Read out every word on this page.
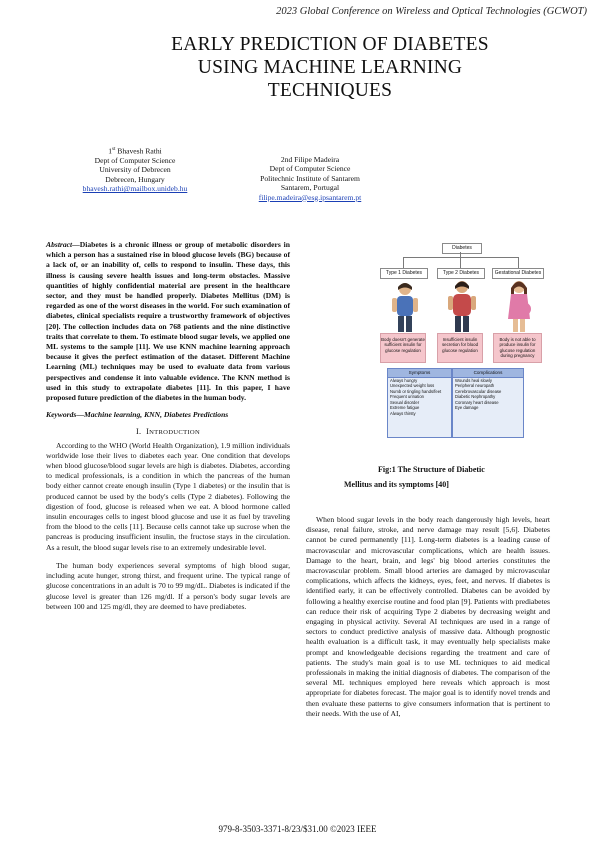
2023 Global Conference on Wireless and Optical Technologies (GCWOT)
EARLY PREDICTION OF DIABETES
USING MACHINE LEARNING
TECHNIQUES
1st Bhavesh Rathi
Dept of Computer Science
University of Debrecen
Debrecen, Hungary
bhavesh.rathi@mailbox.unideb.hu
2nd Filipe Madeira
Dept of Computer Science
Politechnic Institute of Santarem
Santarem, Portugal
filipe.madeira@esg.ipsantarem.pt

Abstract—Diabetes is a chronic illness or group of metabolic disorders in which a person has a sustained rise in blood glucose levels (BG) because of a lack of, or an inability of, cells to respond to insulin. These days, this illness is causing severe health issues and long-term obstacles. Massive quantities of highly confidential material are present in the healthcare sector, and they must be handled properly. Diabetes Mellitus (DM) is regarded as one of the worst diseases in the world. For such examination of diabetes, clinical specialists require a trustworthy framework of objectives [20]. The collection includes data on 768 patients and the nine distinctive traits that correlate to them. To estimate blood sugar levels, we applied one ML systems to the sample [11]. We use KNN machine learning approach because it gives the perfect estimation of the dataset. Different Machine Learning (ML) techniques may be used to evaluate data from various perspectives and condense it into valuable evidence. The KNN method is used in this study to extrapolate diabetes [11]. In this paper, I have proposed future prediction of the diabetes in the human body.

Keywords—Machine learning, KNN, Diabetes Predictions
I. INTRODUCTION

According to the WHO (World Health Organization), 1.9 million individuals worldwide lose their lives to diabetes each year. One condition that develops when blood glucose/blood sugar levels are high is diabetes. Diabetes, according to medical professionals, is a condition in which the pancreas of the human body either cannot create enough insulin (Type 1 diabetes) or the insulin that is produced cannot be used by the body's cells (Type 2 diabetes). Following the digestion of food, glucose is released when we eat. A blood hormone called insulin encourages cells to ingest blood glucose and use it as fuel by traveling from the blood to the cells [11]. Because cells cannot take up sucrose when the pancreas is producing insufficient insulin, the fructose stays in the circulation. As a result, the blood sugar levels rise to an extremely undesirable level.

The human body experiences several symptoms of high blood sugar, including acute hunger, strong thirst, and frequent urine. The typical range of glucose concentrations in an adult is 70 to 99 mg/dL. Diabetes is indicated if the glucose level is greater than 126 mg/dl. If a person's body sugar levels are between 100 and 125 mg/dl, they are deemed to have prediabetes.

Diabetes
Type 1 Diabetes	Type 2 Diabetes	Gestational Diabetes
Body doesn't generate sufficient insulin for glucose regulation
Insufficient insulin secretion for blood glucose regulation
Body is not able to produce insulin for glucose regulation during pregnancy
Symptoms
Always hungry
Unexpected weight loss
Numb or tingling hands/feet
Frequent urination
Sexual disorder
Extreme fatigue
Always thirsty
Complications
Wounds heal slowly
Peripheral neuropath
Cerebrovascular disease
Diabetic Nephropathy
Coronary heart disease
Eye damage
Fig:1 The Structure of Diabetic
Mellitus and its symptoms [40]

When blood sugar levels in the body reach dangerously high levels, heart disease, renal failure, stroke, and nerve damage may result [5,6]. Diabetes cannot be cured permanently [11]. Long-term diabetes is a leading cause of macrovascular and microvascular complications, which are health issues. Damage to the heart, brain, and legs' big blood arteries constitutes the macrovascular problem. Small blood arteries are damaged by microvascular complications, which affects the kidneys, eyes, feet, and nerves. If diabetes is identified early, it can be effectively controlled. Diabetes can be avoided by following a healthy exercise routine and food plan [9]. Patients with prediabetes can reduce their risk of acquiring Type 2 diabetes by decreasing weight and engaging in physical activity. Several AI techniques are used in a range of sectors to conduct predictive analysis of massive data. Although prognostic health evaluation is a difficult task, it may eventually help specialists make prompt and knowledgeable decisions regarding the treatment and care of patients. The study's main goal is to use ML techniques to aid medical professionals in making the initial diagnosis of diabetes. The comparison of the several ML techniques employed here reveals which approach is most appropriate for diabetes forecast. The major goal is to identify novel trends and then evaluate these patterns to give consumers information that is pertinent to their needs. With the use of AI,

979-8-3503-3371-8/23/$31.00 ©2023 IEEE
